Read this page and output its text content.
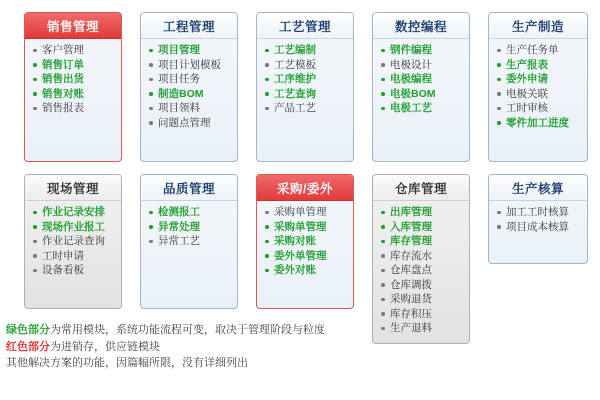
销售管理
客户管理
销售订单
销售出货
销售对账
销售报表
工程管理
项目管理
项目计划模板
项目任务
制造BOM
项目领料
问题点管理
工艺管理
工艺编制
工艺模板
工序维护
工艺查询
产品工艺
数控编程
钢件编程
电极设计
电极编程
电极BOM
电极工艺
生产制造
生产任务单
生产报表
委外申请
电极关联
工时审核
零件加工进度
现场管理
作业记录安排
现场作业报工
作业记录查询
工时申请
设备看板
品质管理
检测报工
异常处理
异常工艺
采购/委外
采购单管理
采购单管理
采购对账
委外单管理
委外对账
仓库管理
出库管理
入库管理
库存管理
库存流水
仓库盘点
仓库调拨
采购退货
库存积压
生产退料
生产核算
加工工时核算
项目成本核算
绿色部分为常用模块，系统功能流程可变，取决于管理阶段与粒度
红色部分为进销存，供应链模块
其他解决方案的功能，因篇幅所限，没有详细列出
